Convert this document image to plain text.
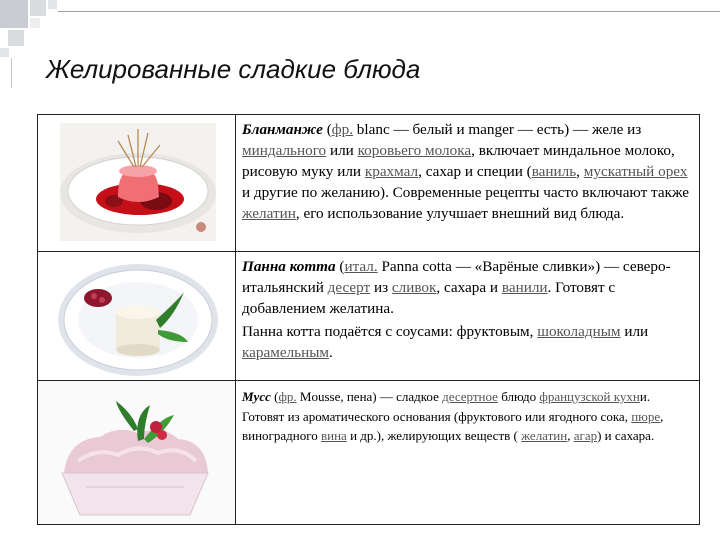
Желированные сладкие блюда

Бланманже (фр. blanc — белый и manger — есть) — желе из миндального или коровьего молока, включает миндальное молоко, рисовую муку или крахмал, сахар и специи (ваниль, мускатный орех и другие по желанию). Современные рецепты часто включают также желатин, его использование улучшает внешний вид блюда.

Панна котта (итал. Panna cotta — «Варёные сливки») — северо-итальянский десерт из сливок, сахара и ванили. Готовят с добавлением желатина.

Панна котта подаётся с соусами: фруктовым, шоколадным или карамельным.

Мусс (фр. Mousse, пена) — сладкое десертное блюдо французской кухни. Готовят из ароматического основания (фруктового или ягодного сока, пюре, виноградного вина и др.), желирующих веществ ( желатин, агар) и сахара.
